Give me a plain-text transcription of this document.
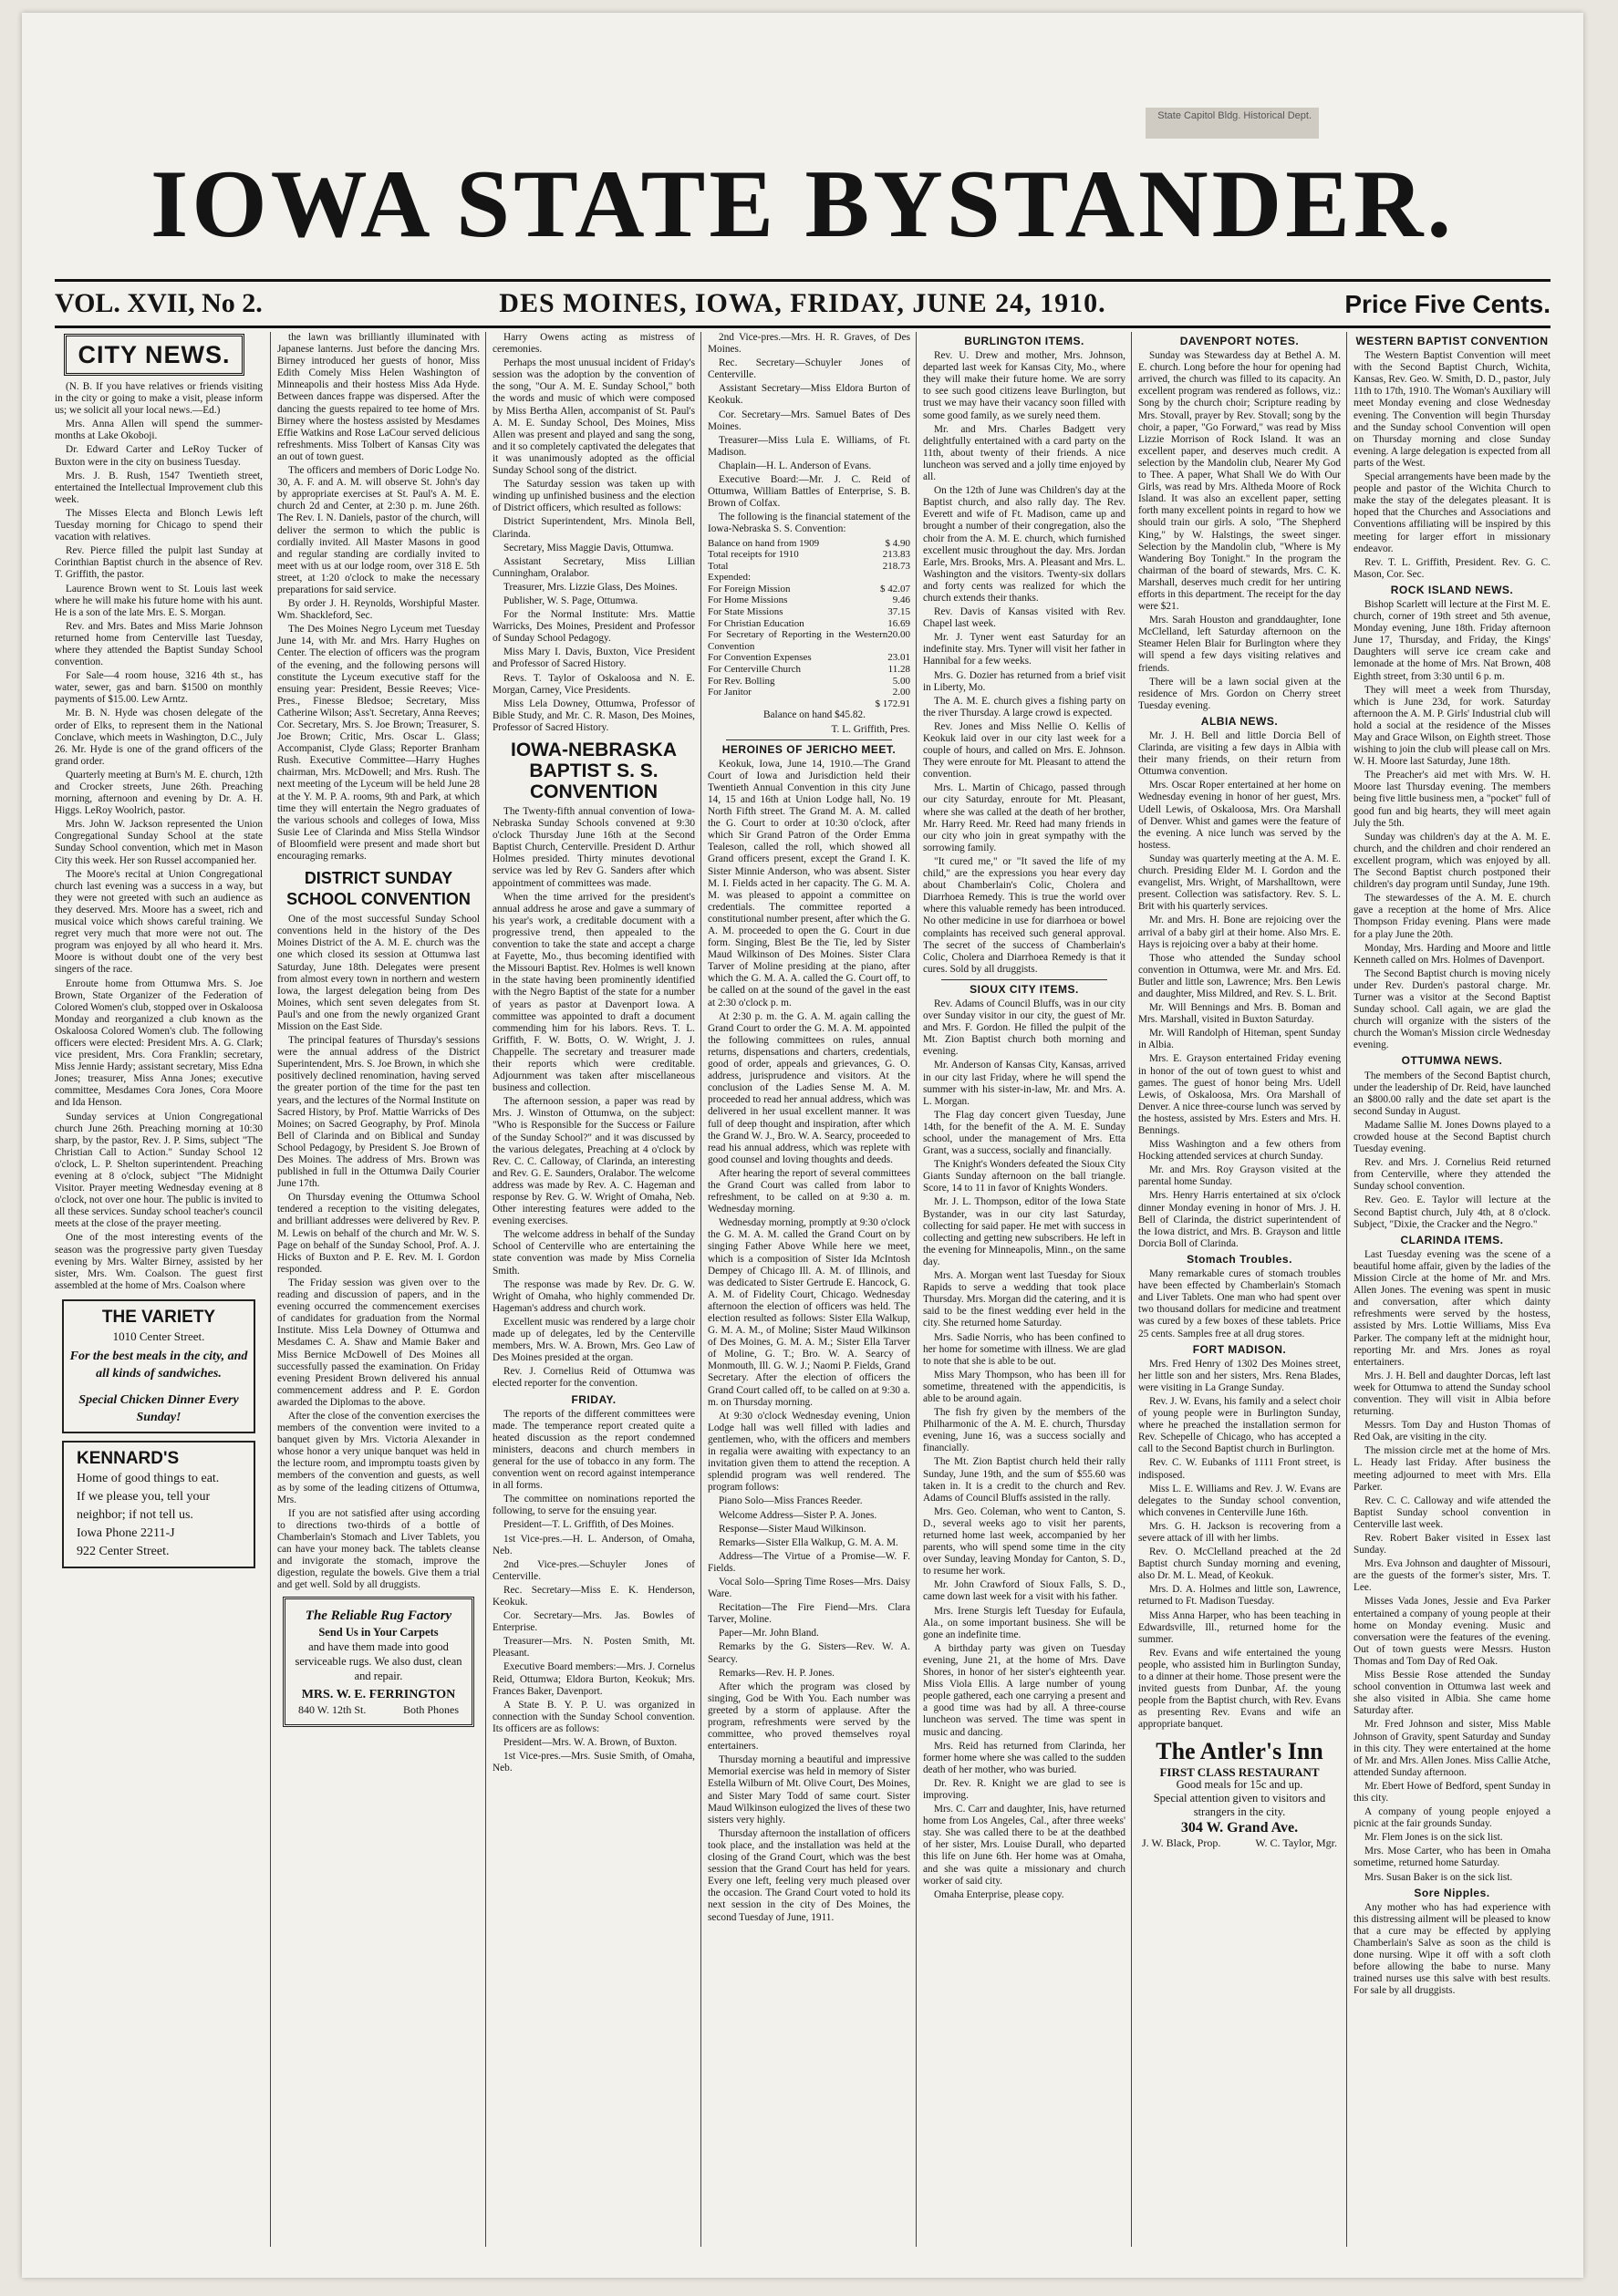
State Capitol Bldg. Historical Dept.
IOWA STATE BYSTANDER.
VOL. XVII, No 2.	DES MOINES, IOWA, FRIDAY, JUNE 24, 1910.	Price Five Cents.
CITY NEWS.

(N. B. If you have relatives or friends visiting in the city or going to make a visit, please inform us; we solicit all your local news.—Ed.)

Mrs. Anna Allen will spend the summer-months at Lake Okoboji.

Dr. Edward Carter and LeRoy Tucker of Buxton were in the city on business Tuesday.

Mrs. J. B. Rush, 1547 Twentieth street, entertained the Intellectual Improvement club this week.

The Misses Electa and Blonch Lewis left Tuesday morning for Chicago to spend their vacation with relatives.

Rev. Pierce filled the pulpit last Sunday at Corinthian Baptist church in the absence of Rev. T. Griffith, the pastor.

Laurence Brown went to St. Louis last week where he will make his future home with his aunt. He is a son of the late Mrs. E. S. Morgan.

Rev. and Mrs. Bates and Miss Marie Johnson returned home from Centerville last Tuesday, where they attended the Baptist Sunday School convention.

For Sale—4 room house, 3216 4th st., has water, sewer, gas and barn. $1500 on monthly payments of $15.00. Lew Arntz.

Mr. B. N. Hyde was chosen delegate of the order of Elks, to represent them in the National Conclave, which meets in Washington, D.C., July 26. Mr. Hyde is one of the grand officers of the grand order.

Quarterly meeting at Burn's M. E. church, 12th and Crocker streets, June 26th. Preaching morning, afternoon and evening by Dr. A. H. Higgs. LeRoy Woolrich, pastor.

Mrs. John W. Jackson represented the Union Congregational Sunday School at the state Sunday School convention, which met in Mason City this week. Her son Russel accompanied her.

The Moore's recital at Union Congregational church last evening was a success in a way, but they were not greeted with such an audience as they deserved. Mrs. Moore has a sweet, rich and musical voice which shows careful training. We regret very much that more were not out. The program was enjoyed by all who heard it. Mrs. Moore is without doubt one of the very best singers of the race.

Enroute home from Ottumwa Mrs. S. Joe Brown, State Organizer of the Federation of Colored Women's club, stopped over in Oskaloosa Monday and reorganized a club known as the Oskaloosa Colored Women's club. The following officers were elected: President Mrs. A. G. Clark; vice president, Mrs. Cora Franklin; secretary, Miss Jennie Hardy; assistant secretary, Miss Edna Jones; treasurer, Miss Anna Jones; executive committee, Mesdames Cora Jones, Cora Moore and Ida Henson.

Sunday services at Union Congregational church June 26th. Preaching morning at 10:30 sharp, by the pastor, Rev. J. P. Sims, subject "The Christian Call to Action." Sunday School 12 o'clock, L. P. Shelton superintendent. Preaching evening at 8 o'clock, subject "The Midnight Visitor. Prayer meeting Wednesday evening at 8 o'clock, not over one hour. The public is invited to all these services. Sunday school teacher's council meets at the close of the prayer meeting.

One of the most interesting events of the season was the progressive party given Tuesday evening by Mrs. Walter Birney, assisted by her sister, Mrs. Wm. Coalson. The guest first assembled at the home of Mrs. Coalson where

THE VARIETY
1010 Center Street.
For the best meals in the city, and all kinds of sandwiches.
Special Chicken Dinner Every Sunday!
KENNARD'S
Home of good things to eat.
If we please you, tell your neighbor; if not tell us.
Iowa Phone 2211-J
922 Center Street.

the lawn was brilliantly illuminated with Japanese lanterns. Just before the dancing Mrs. Birney introduced her guests of honor, Miss Edith Comely Miss Helen Washington of Minneapolis and their hostess Miss Ada Hyde. Between dances frappe was dispersed. After the dancing the guests repaired to tee home of Mrs. Birney where the hostess assisted by Mesdames Effie Watkins and Rose LaCour served delicious refreshments. Miss Tolbert of Kansas City was an out of town guest.

The officers and members of Doric Lodge No. 30, A. F. and A. M. will observe St. John's day by appropriate exercises at St. Paul's A. M. E. church 2d and Center, at 2:30 p. m. June 26th. The Rev. I. N. Daniels, pastor of the church, will deliver the sermon to which the public is cordially invited. All Master Masons in good and regular standing are cordially invited to meet with us at our lodge room, over 318 E. 5th street, at 1:20 o'clock to make the necessary preparations for said service.

By order J. H. Reynolds, Worshipful Master. Wm. Shackleford, Sec.

The Des Moines Negro Lyceum met Tuesday June 14, with Mr. and Mrs. Harry Hughes on Center. The election of officers was the program of the evening, and the following persons will constitute the Lyceum executive staff for the ensuing year: President, Bessie Reeves; Vice-Pres., Finesse Bledsoe; Secretary, Miss Catherine Wilson; Ass't. Secretary, Anna Reeves; Cor. Secretary, Mrs. S. Joe Brown; Treasurer, S. Joe Brown; Critic, Mrs. Oscar L. Glass; Accompanist, Clyde Glass; Reporter Branham Rush. Executive Committee—Harry Hughes chairman, Mrs. McDowell; and Mrs. Rush. The next meeting of the Lyceum will be held June 28 at the Y. M. P. A. rooms, 9th and Park, at which time they will entertain the Negro graduates of the various schools and colleges of Iowa, Miss Susie Lee of Clarinda and Miss Stella Windsor of Bloomfield were present and made short but encouraging remarks.

DISTRICT SUNDAY SCHOOL CONVENTION

One of the most successful Sunday School conventions held in the history of the Des Moines District of the A. M. E. church was the one which closed its session at Ottumwa last Saturday, June 18th. Delegates were present from almost every town in northern and western Iowa, the largest delegation being from Des Moines, which sent seven delegates from St. Paul's and one from the newly organized Grant Mission on the East Side.

The principal features of Thursday's sessions were the annual address of the District Superintendent, Mrs. S. Joe Brown, in which she positively declined renomination, having served the greater portion of the time for the past ten years, and the lectures of the Normal Institute on Sacred History, by Prof. Mattie Warricks of Des Moines; on Sacred Geography, by Prof. Minola Bell of Clarinda and on Biblical and Sunday School Pedagogy, by President S. Joe Brown of Des Moines. The address of Mrs. Brown was published in full in the Ottumwa Daily Courier June 17th.

On Thursday evening the Ottumwa School tendered a reception to the visiting delegates, and brilliant addresses were delivered by Rev. P. M. Lewis on behalf of the church and Mr. W. S. Page on behalf of the Sunday School, Prof. A. J. Hicks of Buxton and P. E. Rev. M. I. Gordon responded.

The Friday session was given over to the reading and discussion of papers, and in the evening occurred the commencement exercises of candidates for graduation from the Normal Institute. Miss Lela Downey of Ottumwa and Mesdames C. A. Shaw and Mamie Baker and Miss Bernice McDowell of Des Moines all successfully passed the examination. On Friday evening President Brown delivered his annual commencement address and P. E. Gordon awarded the Diplomas to the above.

After the close of the convention exercises the members of the convention were invited to a banquet given by Mrs. Victoria Alexander in whose honor a very unique banquet was held in the lecture room, and impromptu toasts given by members of the convention and guests, as well as by some of the leading citizens of Ottumwa, Mrs.

If you are not satisfied after using according to directions two-thirds of a bottle of Chamberlain's Stomach and Liver Tablets, you can have your money back. The tablets cleanse and invigorate the stomach, improve the digestion, regulate the bowels. Give them a trial and get well. Sold by all druggists.

The Reliable Rug Factory
Send Us in Your Carpets
and have them made into good serviceable rugs. We also dust, clean and repair.
MRS. W. E. FERRINGTON
840 W. 12th St.	Both Phones

Harry Owens acting as mistress of ceremonies.

Perhaps the most unusual incident of Friday's session was the adoption by the convention of the song, "Our A. M. E. Sunday School," both the words and music of which were composed by Miss Bertha Allen, accompanist of St. Paul's A. M. E. Sunday School, Des Moines, Miss Allen was present and played and sang the song, and it so completely captivated the delegates that it was unanimously adopted as the official Sunday School song of the district.

The Saturday session was taken up with winding up unfinished business and the election of District officers, which resulted as follows:

District Superintendent, Mrs. Minola Bell, Clarinda.

Secretary, Miss Maggie Davis, Ottumwa.

Assistant Secretary, Miss Lillian Cunningham, Oralabor.

Treasurer, Mrs. Lizzie Glass, Des Moines.

Publisher, W. S. Page, Ottumwa.

For the Normal Institute: Mrs. Mattie Warricks, Des Moines, President and Professor of Sunday School Pedagogy.

Miss Mary I. Davis, Buxton, Vice President and Professor of Sacred History.

Revs. T. Taylor of Oskaloosa and N. E. Morgan, Carney, Vice Presidents.

Miss Lela Downey, Ottumwa, Professor of Bible Study, and Mr. C. R. Mason, Des Moines, Professor of Sacred History.

IOWA-NEBRASKA BAPTIST S. S. CONVENTION

The Twenty-fifth annual convention of Iowa-Nebraska Sunday Schools convened at 9:30 o'clock Thursday June 16th at the Second Baptist Church, Centerville. President D. Arthur Holmes presided. Thirty minutes devotional service was led by Rev G. Sanders after which appointment of committees was made.

When the time arrived for the president's annual address he arose and gave a summary of his year's work, a creditable document with a progressive trend, then appealed to the convention to take the state and accept a charge at Fayette, Mo., thus becoming identified with the Missouri Baptist. Rev. Holmes is well known in the state having been prominently identified with the Negro Baptist of the state for a number of years as pastor at Davenport Iowa. A committee was appointed to draft a document commending him for his labors. Revs. T. L. Griffith, F. W. Botts, O. W. Wright, J. J. Chappelle. The secretary and treasurer made their reports which were creditable. Adjournment was taken after miscellaneous business and collection.

The afternoon session, a paper was read by Mrs. J. Winston of Ottumwa, on the subject: "Who is Responsible for the Success or Failure of the Sunday School?" and it was discussed by the various delegates, Preaching at 4 o'clock by Rev. C. C. Calloway, of Clarinda, an interesting and Rev. G. E. Saunders, Oralabor. The welcome address was made by Rev. A. C. Hageman and response by Rev. G. W. Wright of Omaha, Neb. Other interesting features were added to the evening exercises.

The welcome address in behalf of the Sunday School of Centerville who are entertaining the state convention was made by Miss Cornelia Smith.

The response was made by Rev. Dr. G. W. Wright of Omaha, who highly commended Dr. Hageman's address and church work.

Excellent music was rendered by a large choir made up of delegates, led by the Centerville members, Mrs. W. A. Brown, Mrs. Geo Law of Des Moines presided at the organ.

Rev. J. Cornelius Reid of Ottumwa was elected reporter for the convention.

FRIDAY.

The reports of the different committees were made. The temperance report created quite a heated discussion as the report condemned ministers, deacons and church members in general for the use of tobacco in any form. The convention went on record against intemperance in all forms.

The committee on nominations reported the following, to serve for the ensuing year.

President—T. L. Griffith, of Des Moines.

1st Vice-pres.—H. L. Anderson, of Omaha, Neb.

2nd Vice-pres.—Schuyler Jones of Centerville.

Rec. Secretary—Miss E. K. Henderson, Keokuk.

Cor. Secretary—Mrs. Jas. Bowles of Enterprise.

Treasurer—Mrs. N. Posten Smith, Mt. Pleasant.

Executive Board members:—Mrs. J. Cornelus Reid, Ottumwa; Eldora Burton, Keokuk; Mrs. Frances Baker, Davenport.

A State B. Y. P. U. was organized in connection with the Sunday School convention. Its officers are as follows:

President—Mrs. W. A. Brown, of Buxton.

1st Vice-pres.—Mrs. Susie Smith, of Omaha, Neb.

2nd Vice-pres.—Mrs. H. R. Graves, of Des Moines.

Rec. Secretary—Schuyler Jones of Centerville.

Assistant Secretary—Miss Eldora Burton of Keokuk.

Cor. Secretary—Mrs. Samuel Bates of Des Moines.

Treasurer—Miss Lula E. Williams, of Ft. Madison.

Chaplain—H. L. Anderson of Evans.

Executive Board:—Mr. J. C. Reid of Ottumwa, William Battles of Enterprise, S. B. Brown of Colfax.

The following is the financial statement of the Iowa-Nebraska S. S. Convention:

Balance on hand from 1909	$ 4.90
Total receipts for 1910	213.83
Total	218.73
Expended:
For Foreign Mission	$ 42.07
For Home Missions	9.46
For State Missions	37.15
For Christian Education	16.69
For Secretary of Reporting in the Western Convention
20.00
For Convention Expenses	23.01
For Centerville Church	11.28
For Rev. Bolling	5.00
For Janitor	2.00
$ 172.91

Balance on hand $45.82.

T. L. Griffith, Pres.

HEROINES OF JERICHO MEET.

Keokuk, Iowa, June 14, 1910.—The Grand Court of Iowa and Jurisdiction held their Twentieth Annual Convention in this city June 14, 15 and 16th at Union Lodge hall, No. 19 North Fifth street. The Grand M. A. M. called the G. Court to order at 10:30 o'clock, after which Sir Grand Patron of the Order Emma Tealeson, called the roll, which showed all Grand officers present, except the Grand I. K. Sister Minnie Anderson, who was absent. Sister M. I. Fields acted in her capacity. The G. M. A. M. was pleased to appoint a committee on credentials. The committee reported a constitutional number present, after which the G. A. M. proceeded to open the G. Court in due form. Singing, Blest Be the Tie, led by Sister Maud Wilkinson of Des Moines. Sister Clara Tarver of Moline presiding at the piano, after which the G. M. A. A. called the G. Court off, to be called on at the sound of the gavel in the east at 2:30 o'clock p. m.

At 2:30 p. m. the G. A. M. again calling the Grand Court to order the G. M. A. M. appointed the following committees on rules, annual returns, dispensations and charters, credentials, good of order, appeals and grievances, G. O. address, jurisprudence and visitors. At the conclusion of the Ladies Sense M. A. M. proceeded to read her annual address, which was delivered in her usual excellent manner. It was full of deep thought and inspiration, after which the Grand W. J., Bro. W. A. Searcy, proceeded to read his annual address, which was replete with good counsel and loving thoughts and deeds.

After hearing the report of several committees the Grand Court was called from labor to refreshment, to be called on at 9:30 a. m. Wednesday morning.

Wednesday morning, promptly at 9:30 o'clock the G. M. A. M. called the Grand Court on by singing Father Above While here we meet, which is a composition of Sister Ida McIntosh Dempey of Chicago Ill. A. M. of Illinois, and was dedicated to Sister Gertrude E. Hancock, G. A. M. of Fidelity Court, Chicago. Wednesday afternoon the election of officers was held. The election resulted as follows: Sister Ella Walkup, G. M. A. M., of Moline; Sister Maud Wilkinson of Des Moines, G. M. A. M.; Sister Ella Tarver of Moline, G. T.; Bro. W. A. Searcy of Monmouth, Ill. G. W. J.; Naomi P. Fields, Grand Secretary. After the election of officers the Grand Court called off, to be called on at 9:30 a. m. on Thursday morning.

At 9:30 o'clock Wednesday evening, Union Lodge hall was well filled with ladies and gentlemen, who, with the officers and members in regalia were awaiting with expectancy to an invitation given them to attend the reception. A splendid program was well rendered. The program follows:

Piano Solo—Miss Frances Reeder.

Welcome Address—Sister P. A. Jones.

Response—Sister Maud Wilkinson.

Remarks—Sister Ella Walkup, G. M. A. M.

Address—The Virtue of a Promise—W. F. Fields.

Vocal Solo—Spring Time Roses—Mrs. Daisy Ware.

Recitation—The Fire Fiend—Mrs. Clara Tarver, Moline.

Paper—Mr. John Bland.

Remarks by the G. Sisters—Rev. W. A. Searcy.

Remarks—Rev. H. P. Jones.

After which the program was closed by singing, God be With You. Each number was greeted by a storm of applause. After the program, refreshments were served by the committee, who proved themselves royal entertainers.

Thursday morning a beautiful and impressive Memorial exercise was held in memory of Sister Estella Wilburn of Mt. Olive Court, Des Moines, and Sister Mary Todd of same court. Sister Maud Wilkinson eulogized the lives of these two sisters very highly.

Thursday afternoon the installation of officers took place, and the installation was held at the closing of the Grand Court, which was the best session that the Grand Court has held for years. Every one left, feeling very much pleased over the occasion. The Grand Court voted to hold its next session in the city of Des Moines, the second Tuesday of June, 1911.

BURLINGTON ITEMS.

Rev. U. Drew and mother, Mrs. Johnson, departed last week for Kansas City, Mo., where they will make their future home. We are sorry to see such good citizens leave Burlington, but trust we may have their vacancy soon filled with some good family, as we surely need them.

Mr. and Mrs. Charles Badgett very delightfully entertained with a card party on the 11th, about twenty of their friends. A nice luncheon was served and a jolly time enjoyed by all.

On the 12th of June was Children's day at the Baptist church, and also rally day. The Rev. Everett and wife of Ft. Madison, came up and brought a number of their congregation, also the choir from the A. M. E. church, which furnished excellent music throughout the day. Mrs. Jordan Earle, Mrs. Brooks, Mrs. A. Pleasant and Mrs. L. Washington and the visitors. Twenty-six dollars and forty cents was realized for which the church extends their thanks.

Rev. Davis of Kansas visited with Rev. Chapel last week.

Mr. J. Tyner went east Saturday for an indefinite stay. Mrs. Tyner will visit her father in Hannibal for a few weeks.

Mrs. G. Dozier has returned from a brief visit in Liberty, Mo.

The A. M. E. church gives a fishing party on the river Thursday. A large crowd is expected.

Rev. Jones and Miss Nellie O. Kellis of Keokuk laid over in our city last week for a couple of hours, and called on Mrs. E. Johnson. They were enroute for Mt. Pleasant to attend the convention.

Mrs. L. Martin of Chicago, passed through our city Saturday, enroute for Mt. Pleasant, where she was called at the death of her brother, Mr. Harry Reed. Mr. Reed had many friends in our city who join in great sympathy with the sorrowing family.

"It cured me," or "It saved the life of my child," are the expressions you hear every day about Chamberlain's Colic, Cholera and Diarrhoea Remedy. This is true the world over where this valuable remedy has been introduced. No other medicine in use for diarrhoea or bowel complaints has received such general approval. The secret of the success of Chamberlain's Colic, Cholera and Diarrhoea Remedy is that it cures. Sold by all druggists.

SIOUX CITY ITEMS.

Rev. Adams of Council Bluffs, was in our city over Sunday visitor in our city, the guest of Mr. and Mrs. F. Gordon. He filled the pulpit of the Mt. Zion Baptist church both morning and evening.

Mr. Anderson of Kansas City, Kansas, arrived in our city last Friday, where he will spend the summer with his sister-in-law, Mr. and Mrs. A. L. Morgan.

The Flag day concert given Tuesday, June 14th, for the benefit of the A. M. E. Sunday school, under the management of Mrs. Etta Grant, was a success, socially and financially.

The Knight's Wonders defeated the Sioux City Giants Sunday afternoon on the ball triangle. Score, 14 to 11 in favor of Knights Wonders.

Mr. J. L. Thompson, editor of the Iowa State Bystander, was in our city last Saturday, collecting for said paper. He met with success in collecting and getting new subscribers. He left in the evening for Minneapolis, Minn., on the same day.

Mrs. A. Morgan went last Tuesday for Sioux Rapids to serve a wedding that took place Thursday. Mrs. Morgan did the catering, and it is said to be the finest wedding ever held in the city. She returned home Saturday.

Mrs. Sadie Norris, who has been confined to her home for sometime with illness. We are glad to note that she is able to be out.

Miss Mary Thompson, who has been ill for sometime, threatened with the appendicitis, is able to be around again.

The fish fry given by the members of the Philharmonic of the A. M. E. church, Thursday evening, June 16, was a success socially and financially.

The Mt. Zion Baptist church held their rally Sunday, June 19th, and the sum of $55.60 was taken in. It is a credit to the church and Rev. Adams of Council Bluffs assisted in the rally.

Mrs. Geo. Coleman, who went to Canton, S. D., several weeks ago to visit her parents, returned home last week, accompanied by her parents, who will spend some time in the city over Sunday, leaving Monday for Canton, S. D., to resume her work.

Mr. John Crawford of Sioux Falls, S. D., came down last week for a visit with his father.

Mrs. Irene Sturgis left Tuesday for Eufaula, Ala., on some important business. She will be gone an indefinite time.

A birthday party was given on Tuesday evening, June 21, at the home of Mrs. Dave Shores, in honor of her sister's eighteenth year. Miss Viola Ellis. A large number of young people gathered, each one carrying a present and a good time was had by all. A three-course luncheon was served. The time was spent in music and dancing.

Mrs. Reid has returned from Clarinda, her former home where she was called to the sudden death of her mother, who was buried.

Dr. Rev. R. Knight we are glad to see is improving.

Mrs. C. Carr and daughter, Inis, have returned home from Los Angeles, Cal., after three weeks' stay. She was called there to be at the deathbed of her sister, Mrs. Louise Durall, who departed this life on June 6th. Her home was at Omaha, and she was quite a missionary and church worker of said city.

Omaha Enterprise, please copy.

DAVENPORT NOTES.

Sunday was Stewardess day at Bethel A. M. E. church. Long before the hour for opening had arrived, the church was filled to its capacity. An excellent program was rendered as follows, viz.: Song by the church choir; Scripture reading by Mrs. Stovall, prayer by Rev. Stovall; song by the choir, a paper, "Go Forward," was read by Miss Lizzie Morrison of Rock Island. It was an excellent paper, and deserves much credit. A selection by the Mandolin club, Nearer My God to Thee. A paper, What Shall We do With Our Girls, was read by Mrs. Altheda Moore of Rock Island. It was also an excellent paper, setting forth many excellent points in regard to how we should train our girls. A solo, "The Shepherd King," by W. Halstings, the sweet singer. Selection by the Mandolin club, "Where is My Wandering Boy Tonight." In the program the chairman of the board of stewards, Mrs. C. K. Marshall, deserves much credit for her untiring efforts in this department. The receipt for the day were $21.

Mrs. Sarah Houston and granddaughter, Ione McClelland, left Saturday afternoon on the Steamer Helen Blair for Burlington where they will spend a few days visiting relatives and friends.

There will be a lawn social given at the residence of Mrs. Gordon on Cherry street Tuesday evening.

ALBIA NEWS.

Mr. J. H. Bell and little Dorcia Bell of Clarinda, are visiting a few days in Albia with their many friends, on their return from Ottumwa convention.

Mrs. Oscar Roper entertained at her home on Wednesday evening in honor of her guest, Mrs. Udell Lewis, of Oskaloosa, Mrs. Ora Marshall of Denver. Whist and games were the feature of the evening. A nice lunch was served by the hostess.

Sunday was quarterly meeting at the A. M. E. church. Presiding Elder M. I. Gordon and the evangelist, Mrs. Wright, of Marshalltown, were present. Collection was satisfactory. Rev. S. L. Brit with his quarterly services.

Mr. and Mrs. H. Bone are rejoicing over the arrival of a baby girl at their home. Also Mrs. E. Hays is rejoicing over a baby at their home.

Those who attended the Sunday school convention in Ottumwa, were Mr. and Mrs. Ed. Butler and little son, Lawrence; Mrs. Ben Lewis and daughter, Miss Mildred, and Rev. S. L. Brit.

Mr. Will Bennings and Mrs. B. Boman and Mrs. Marshall, visited in Buxton Saturday.

Mr. Will Randolph of Hiteman, spent Sunday in Albia.

Mrs. E. Grayson entertained Friday evening in honor of the out of town guest to whist and games. The guest of honor being Mrs. Udell Lewis, of Oskaloosa, Mrs. Ora Marshall of Denver. A nice three-course lunch was served by the hostess, assisted by Mrs. Esters and Mrs. H. Bennings.

Miss Washington and a few others from Hocking attended services at church Sunday.

Mr. and Mrs. Roy Grayson visited at the parental home Sunday.

Mrs. Henry Harris entertained at six o'clock dinner Monday evening in honor of Mrs. J. H. Bell of Clarinda, the district superintendent of the Iowa district, and Mrs. B. Grayson and little Dorcia Boll of Clarinda.

Stomach Troubles.

Many remarkable cures of stomach troubles have been effected by Chamberlain's Stomach and Liver Tablets. One man who had spent over two thousand dollars for medicine and treatment was cured by a few boxes of these tablets. Price 25 cents. Samples free at all drug stores.

FORT MADISON.

Mrs. Fred Henry of 1302 Des Moines street, her little son and her sisters, Mrs. Rena Blades, were visiting in La Grange Sunday.

Rev. J. W. Evans, his family and a select choir of young people were in Burlington Sunday, where he preached the installation sermon for Rev. Schepelle of Chicago, who has accepted a call to the Second Baptist church in Burlington.

Rev. C. W. Eubanks of 1111 Front street, is indisposed.

Miss L. E. Williams and Rev. J. W. Evans are delegates to the Sunday school convention, which convenes in Centerville June 16th.

Mrs. G. H. Jackson is recovering from a severe attack of ill with her limbs.

Rev. O. McClelland preached at the 2d Baptist church Sunday morning and evening, also Dr. M. L. Mead, of Keokuk.

Mrs. D. A. Holmes and little son, Lawrence, returned to Ft. Madison Tuesday.

Miss Anna Harper, who has been teaching in Edwardsville, Ill., returned home for the summer.

Rev. Evans and wife entertained the young people, who assisted him in Burlington Sunday, to a dinner at their home. Those present were the invited guests from Dunbar, Af. the young people from the Baptist church, with Rev. Evans as presenting Rev. Evans and wife an appropriate banquet.

The Antler's Inn
FIRST CLASS RESTAURANT
Good meals for 15c and up.
Special attention given to visitors and strangers in the city.
304 W. Grand Ave.
J. W. Black, Prop.	W. C. Taylor, Mgr.
WESTERN BAPTIST CONVENTION

The Western Baptist Convention will meet with the Second Baptist Church, Wichita, Kansas, Rev. Geo. W. Smith, D. D., pastor, July 11th to 17th, 1910. The Woman's Auxiliary will meet Monday evening and close Wednesday evening. The Convention will begin Thursday and the Sunday school Convention will open on Thursday morning and close Sunday evening. A large delegation is expected from all parts of the West.

Special arrangements have been made by the people and pastor of the Wichita Church to make the stay of the delegates pleasant. It is hoped that the Churches and Associations and Conventions affiliating will be inspired by this meeting for larger effort in missionary endeavor.

Rev. T. L. Griffith, President. Rev. G. C. Mason, Cor. Sec.

ROCK ISLAND NEWS.

Bishop Scarlett will lecture at the First M. E. church, corner of 19th street and 5th avenue, Monday evening, June 18th. Friday afternoon June 17, Thursday, and Friday, the Kings' Daughters will serve ice cream cake and lemonade at the home of Mrs. Nat Brown, 408 Eighth street, from 3:30 until 6 p. m.

They will meet a week from Thursday, which is June 23d, for work. Saturday afternoon the A. M. P. Girls' Industrial club will hold a social at the residence of the Misses May and Grace Wilson, on Eighth street. Those wishing to join the club will please call on Mrs. W. H. Moore last Saturday, June 18th.

The Preacher's aid met with Mrs. W. H. Moore last Thursday evening. The members being five little business men, a "pocket" full of good fun and big hearts, they will meet again July the 5th.

Sunday was children's day at the A. M. E. church, and the children and choir rendered an excellent program, which was enjoyed by all. The Second Baptist church postponed their children's day program until Sunday, June 19th.

The stewardesses of the A. M. E. church gave a reception at the home of Mrs. Alice Thompson Friday evening. Plans were made for a play June the 20th.

Monday, Mrs. Harding and Moore and little Kenneth called on Mrs. Holmes of Davenport.

The Second Baptist church is moving nicely under Rev. Durden's pastoral charge. Mr. Turner was a visitor at the Second Baptist Sunday school. Call again, we are glad the church will organize with the sisters of the church the Woman's Mission circle Wednesday evening.

OTTUMWA NEWS.

The members of the Second Baptist church, under the leadership of Dr. Reid, have launched an $800.00 rally and the date set apart is the second Sunday in August.

Madame Sallie M. Jones Downs played to a crowded house at the Second Baptist church Tuesday evening.

Rev. and Mrs. J. Cornelius Reid returned from Centerville, where they attended the Sunday school convention.

Rev. Geo. E. Taylor will lecture at the Second Baptist church, July 4th, at 8 o'clock. Subject, "Dixie, the Cracker and the Negro."

CLARINDA ITEMS.

Last Tuesday evening was the scene of a beautiful home affair, given by the ladies of the Mission Circle at the home of Mr. and Mrs. Allen Jones. The evening was spent in music and conversation, after which dainty refreshments were served by the hostess, assisted by Mrs. Lottie Williams, Miss Eva Parker. The company left at the midnight hour, reporting Mr. and Mrs. Jones as royal entertainers.

Mrs. J. H. Bell and daughter Dorcas, left last week for Ottumwa to attend the Sunday school convention. They will visit in Albia before returning.

Messrs. Tom Day and Huston Thomas of Red Oak, are visiting in the city.

The mission circle met at the home of Mrs. L. Heady last Friday. After business the meeting adjourned to meet with Mrs. Ella Parker.

Rev. C. C. Calloway and wife attended the Baptist Sunday school convention in Centerville last week.

Rev. Robert Baker visited in Essex last Sunday.

Mrs. Eva Johnson and daughter of Missouri, are the guests of the former's sister, Mrs. T. Lee.

Misses Vada Jones, Jessie and Eva Parker entertained a company of young people at their home on Monday evening. Music and conversation were the features of the evening. Out of town guests were Messrs. Huston Thomas and Tom Day of Red Oak.

Miss Bessie Rose attended the Sunday school convention in Ottumwa last week and she also visited in Albia. She came home Saturday after.

Mr. Fred Johnson and sister, Miss Mable Johnson of Gravity, spent Saturday and Sunday in this city. They were entertained at the home of Mr. and Mrs. Allen Jones. Miss Callie Atche, attended Sunday afternoon.

Mr. Ebert Howe of Bedford, spent Sunday in this city.

A company of young people enjoyed a picnic at the fair grounds Sunday.

Mr. Flem Jones is on the sick list.

Mrs. Mose Carter, who has been in Omaha sometime, returned home Saturday.

Mrs. Susan Baker is on the sick list.

Sore Nipples.

Any mother who has had experience with this distressing ailment will be pleased to know that a cure may be effected by applying Chamberlain's Salve as soon as the child is done nursing. Wipe it off with a soft cloth before allowing the babe to nurse. Many trained nurses use this salve with best results. For sale by all druggists.
